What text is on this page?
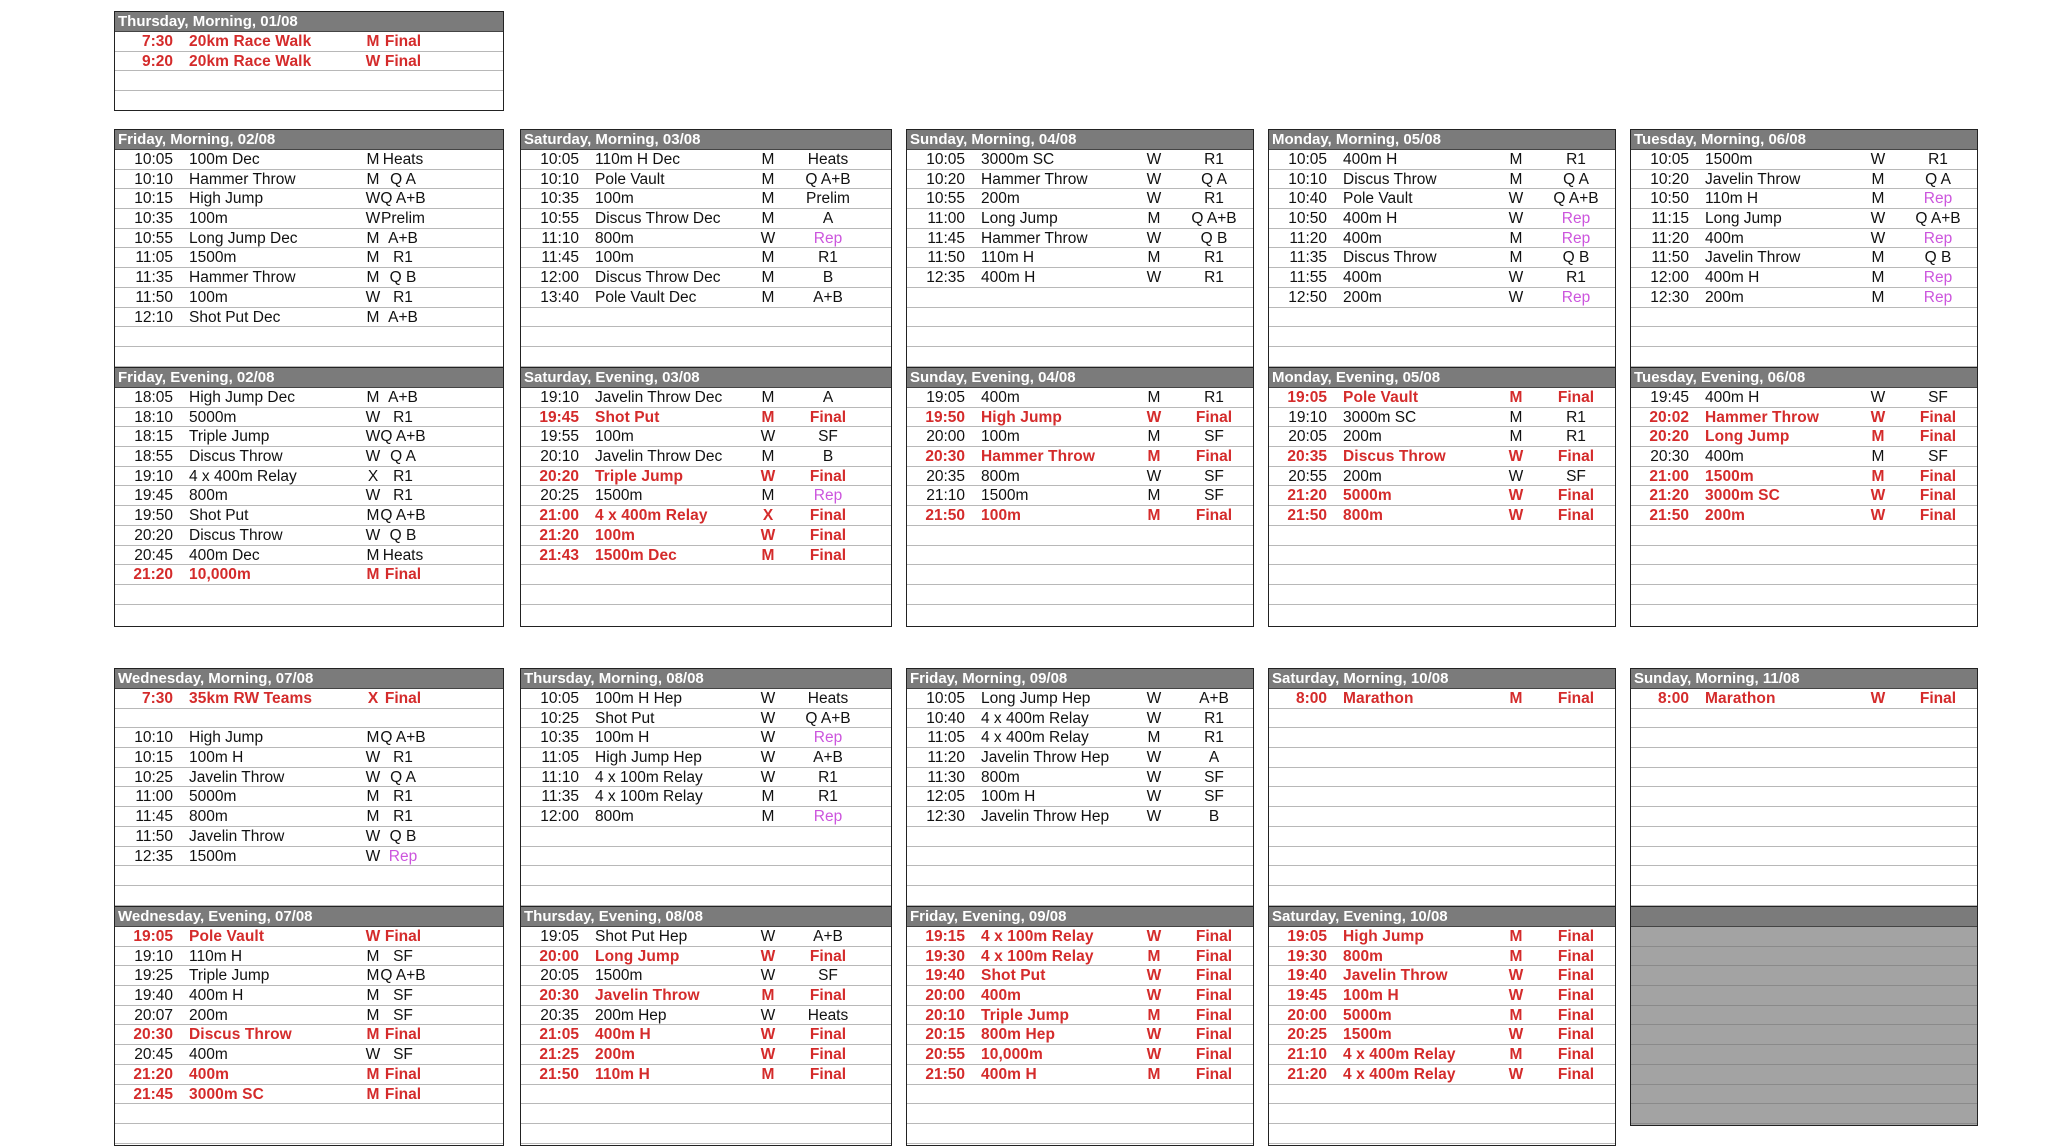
Thursday, Morning, 01/08
7:30 20km Race Walk	M Final
9:20 20km Race Walk	W Final
Friday, Morning, 02/08
10:05 100m Dec	M Heats
10:10 Hammer Throw	M Q A
10:15 High Jump	W Q A+B
10:35 100m	W Prelim
10:55 Long Jump Dec	M A+B
11:05 1500m	M R1
11:35 Hammer Throw	M Q B
11:50 100m	W R1
12:10 Shot Put Dec	M A+B
Saturday, Morning, 03/08
10:05 110m H Dec	M	Heats
10:10 Pole Vault	M	Q A+B
10:35 100m	M	Prelim
10:55 Discus Throw Dec	M	A
11:10 800m	W	Rep
11:45 100m	M	R1
12:00 Discus Throw Dec	M	B
13:40 Pole Vault Dec	M	A+B
Sunday, Morning, 04/08
10:05 3000m SC	W	R1
10:20 Hammer Throw	W	Q A
10:55 200m	W	R1
11:00 Long Jump	M	Q A+B
11:45 Hammer Throw	W	Q B
11:50 110m H	M	R1
12:35 400m H	W	R1
Monday, Morning, 05/08
10:05 400m H	M	R1
10:10 Discus Throw	M	Q A
10:40 Pole Vault	W	Q A+B
10:50 400m H	W	Rep
11:20 400m	M	Rep
11:35 Discus Throw	M	Q B
11:55 400m	W	R1
12:50 200m	W	Rep
Tuesday, Morning, 06/08
10:05 1500m	W	R1
10:20 Javelin Throw	M	Q A
10:50 110m H	M	Rep
11:15 Long Jump	W	Q A+B
11:20 400m	W	Rep
11:50 Javelin Throw	M	Q B
12:00 400m H	M	Rep
12:30 200m	M	Rep
Friday, Evening, 02/08
18:05 High Jump Dec	M A+B
18:10 5000m	W R1
18:15 Triple Jump	W Q A+B
18:55 Discus Throw	W Q A
19:10 4 x 400m Relay	X R1
19:45 800m	W R1
19:50 Shot Put	M Q A+B
20:20 Discus Throw	W Q B
20:45 400m Dec	M Heats
21:20 10,000m	M Final
Saturday, Evening, 03/08
19:10 Javelin Throw Dec	M	A
19:45 Shot Put	M	Final
19:55 100m	W	SF
20:10 Javelin Throw Dec	M	B
20:20 Triple Jump	W	Final
20:25 1500m	M	Rep
21:00 4 x 400m Relay	X	Final
21:20 100m	W	Final
21:43 1500m Dec	M	Final
Sunday, Evening, 04/08
19:05 400m	M	R1
19:50 High Jump	W	Final
20:00 100m	M	SF
20:30 Hammer Throw	M	Final
20:35 800m	W	SF
21:10 1500m	M	SF
21:50 100m	M	Final
Monday, Evening, 05/08
19:05 Pole Vault	M	Final
19:10 3000m SC	M	R1
20:05 200m	M	R1
20:35 Discus Throw	W	Final
20:55 200m	W	SF
21:20 5000m	W	Final
21:50 800m	W	Final
Tuesday, Evening, 06/08
19:45 400m H	W	SF
20:02 Hammer Throw	W	Final
20:20 Long Jump	M	Final
20:30 400m	M	SF
21:00 1500m	M	Final
21:20 3000m SC	W	Final
21:50 200m	W	Final
Wednesday, Morning, 07/08
7:30 35km RW Teams	X Final
10:10 High Jump	M Q A+B
10:15 100m H	W R1
10:25 Javelin Throw	W Q A
11:00 5000m	M R1
11:45 800m	M R1
11:50 Javelin Throw	W Q B
12:35 1500m	W Rep
Thursday, Morning, 08/08
10:05 100m H Hep	W	Heats
10:25 Shot Put	W	Q A+B
10:35 100m H	W	Rep
11:05 High Jump Hep	W	A+B
11:10 4 x 100m Relay	W	R1
11:35 4 x 100m Relay	M	R1
12:00 800m	M	Rep
Friday, Morning, 09/08
10:05 Long Jump Hep	W	A+B
10:40 4 x 400m Relay	W	R1
11:05 4 x 400m Relay	M	R1
11:20 Javelin Throw Hep	W	A
11:30 800m	W	SF
12:05 100m H	W	SF
12:30 Javelin Throw Hep	W	B
Saturday, Morning, 10/08
8:00 Marathon	M	Final
Sunday, Morning, 11/08
8:00 Marathon	W	Final
Wednesday, Evening, 07/08
19:05 Pole Vault	W Final
19:10 110m H	M SF
19:25 Triple Jump	M Q A+B
19:40 400m H	M SF
20:07 200m	M SF
20:30 Discus Throw	M Final
20:45 400m	W SF
21:20 400m	M Final
21:45 3000m SC	M Final
Thursday, Evening, 08/08
19:05 Shot Put Hep	W	A+B
20:00 Long Jump	W	Final
20:05 1500m	W	SF
20:30 Javelin Throw	M	Final
20:35 200m Hep	W	Heats
21:05 400m H	W	Final
21:25 200m	W	Final
21:50 110m H	M	Final
Friday, Evening, 09/08
19:15 4 x 100m Relay	W	Final
19:30 4 x 100m Relay	M	Final
19:40 Shot Put	W	Final
20:00 400m	W	Final
20:10 Triple Jump	M	Final
20:15 800m Hep	W	Final
20:55 10,000m	W	Final
21:50 400m H	M	Final
Saturday, Evening, 10/08
19:05 High Jump	M	Final
19:30 800m	M	Final
19:40 Javelin Throw	W	Final
19:45 100m H	W	Final
20:00 5000m	M	Final
20:25 1500m	W	Final
21:10 4 x 400m Relay	M	Final
21:20 4 x 400m Relay	W	Final
